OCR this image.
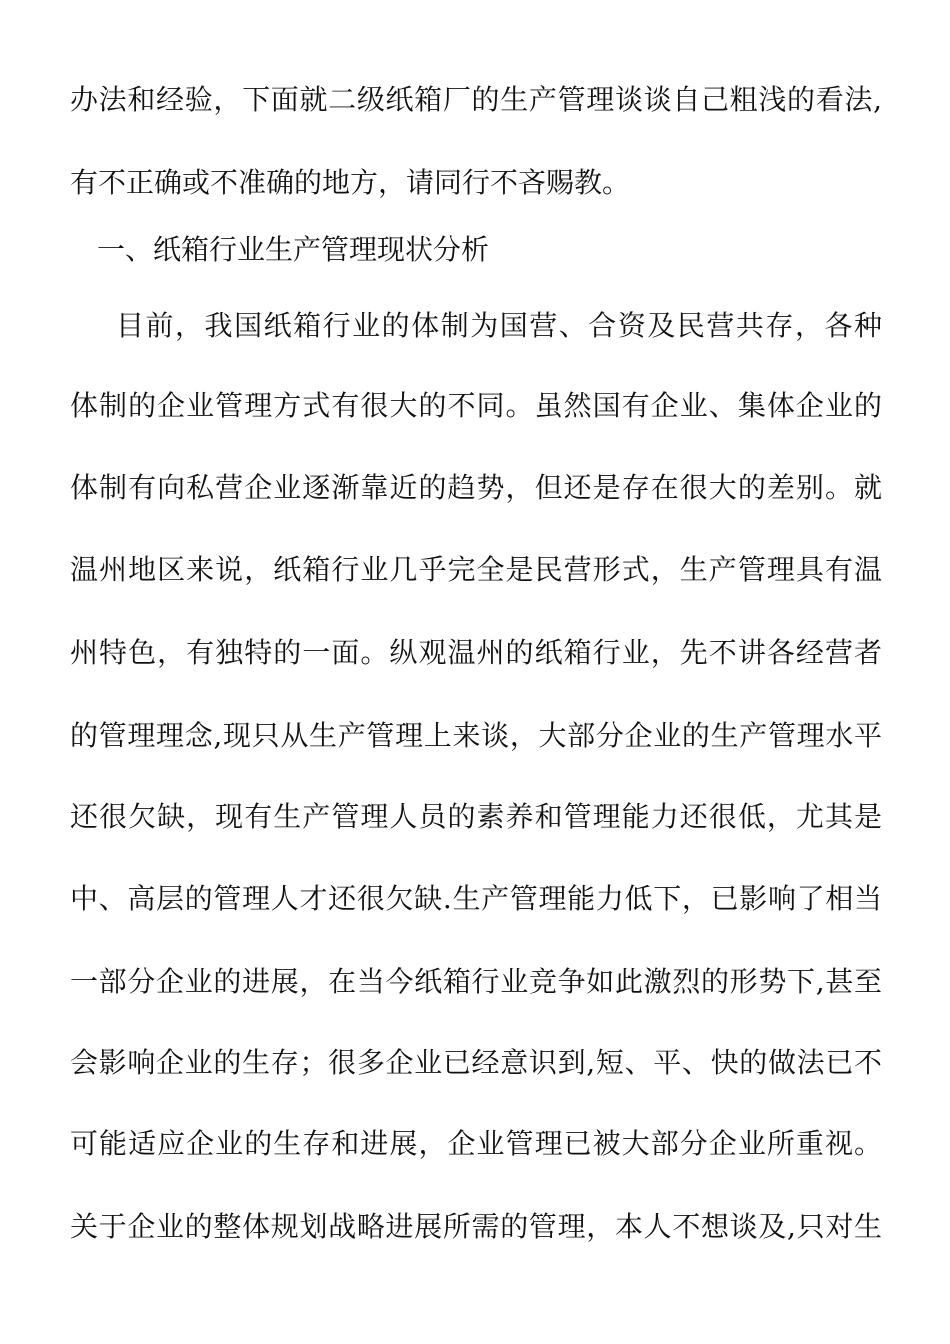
办法和经验，下面就二级纸箱厂的生产管理谈谈自己粗浅的看法,
有不正确或不准确的地方，请同行不吝赐教。
一、纸箱行业生产管理现状分析
目前，我国纸箱行业的体制为国营、合资及民营共存，各种
体制的企业管理方式有很大的不同。虽然国有企业、集体企业的
体制有向私营企业逐渐靠近的趋势，但还是存在很大的差别。就
温州地区来说，纸箱行业几乎完全是民营形式，生产管理具有温
州特色，有独特的一面。纵观温州的纸箱行业，先不讲各经营者
的管理理念,现只从生产管理上来谈，大部分企业的生产管理水平
还很欠缺，现有生产管理人员的素养和管理能力还很低，尤其是
中、高层的管理人才还很欠缺.生产管理能力低下，已影响了相当
一部分企业的进展，在当今纸箱行业竞争如此激烈的形势下,甚至
会影响企业的生存；很多企业已经意识到,短、平、快的做法已不
可能适应企业的生存和进展，企业管理已被大部分企业所重视。
关于企业的整体规划战略进展所需的管理，本人不想谈及,只对生
